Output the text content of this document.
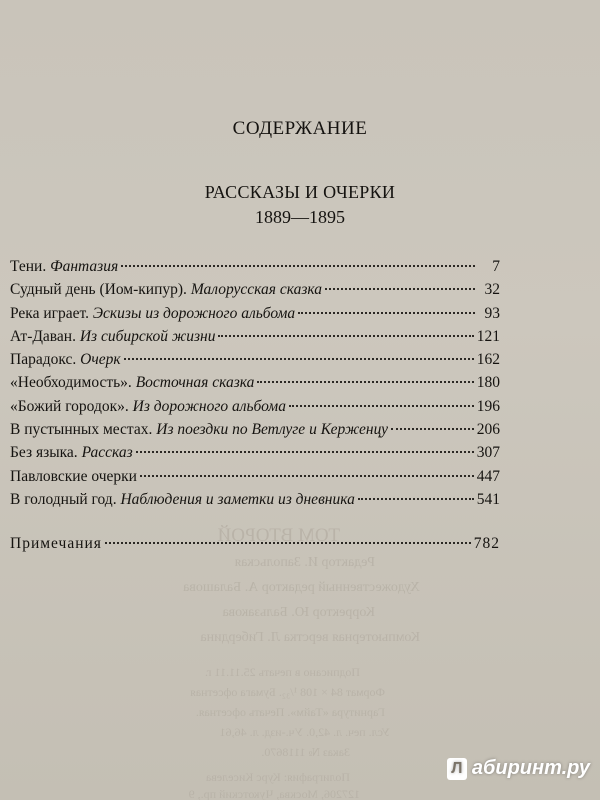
ТОМ ВТОРОЙ
Редактор И. Запольская
Художественный редактор А. Балашова
Корректор Ю. Бальзакова
Компьютерная верстка Л. Гибердина
Подписано в печать 25.11.11 г.
Формат 84 × 108 ¹/₃₂. Бумага офсетная
Гарнитура «Тайм». Печать офсетная.
Усл. печ. л. 42,0. Уч.-изд. л. 46,61
Заказ № 1118670.
Полиграфия: Курс Киселева
127206, Москва, Чукотский пр., 9
СОДЕРЖАНИЕ
РАССКАЗЫ И ОЧЕРКИ
1889—1895
Тени. Фантазия	7
Судный день (Иом-кипур). Малорусская сказка	32
Река играет. Эскизы из дорожного альбома	93
Ат-Даван. Из сибирской жизни	121
Парадокс. Очерк	162
«Необходимость». Восточная сказка	180
«Божий городок». Из дорожного альбома	196
В пустынных местах. Из поездки по Ветлуге и Керженцу	206
Без языка. Рассказ	307
Павловские очерки	447
В голодный год. Наблюдения и заметки из дневника	541
Примечания	782
Л абиринт.ру
